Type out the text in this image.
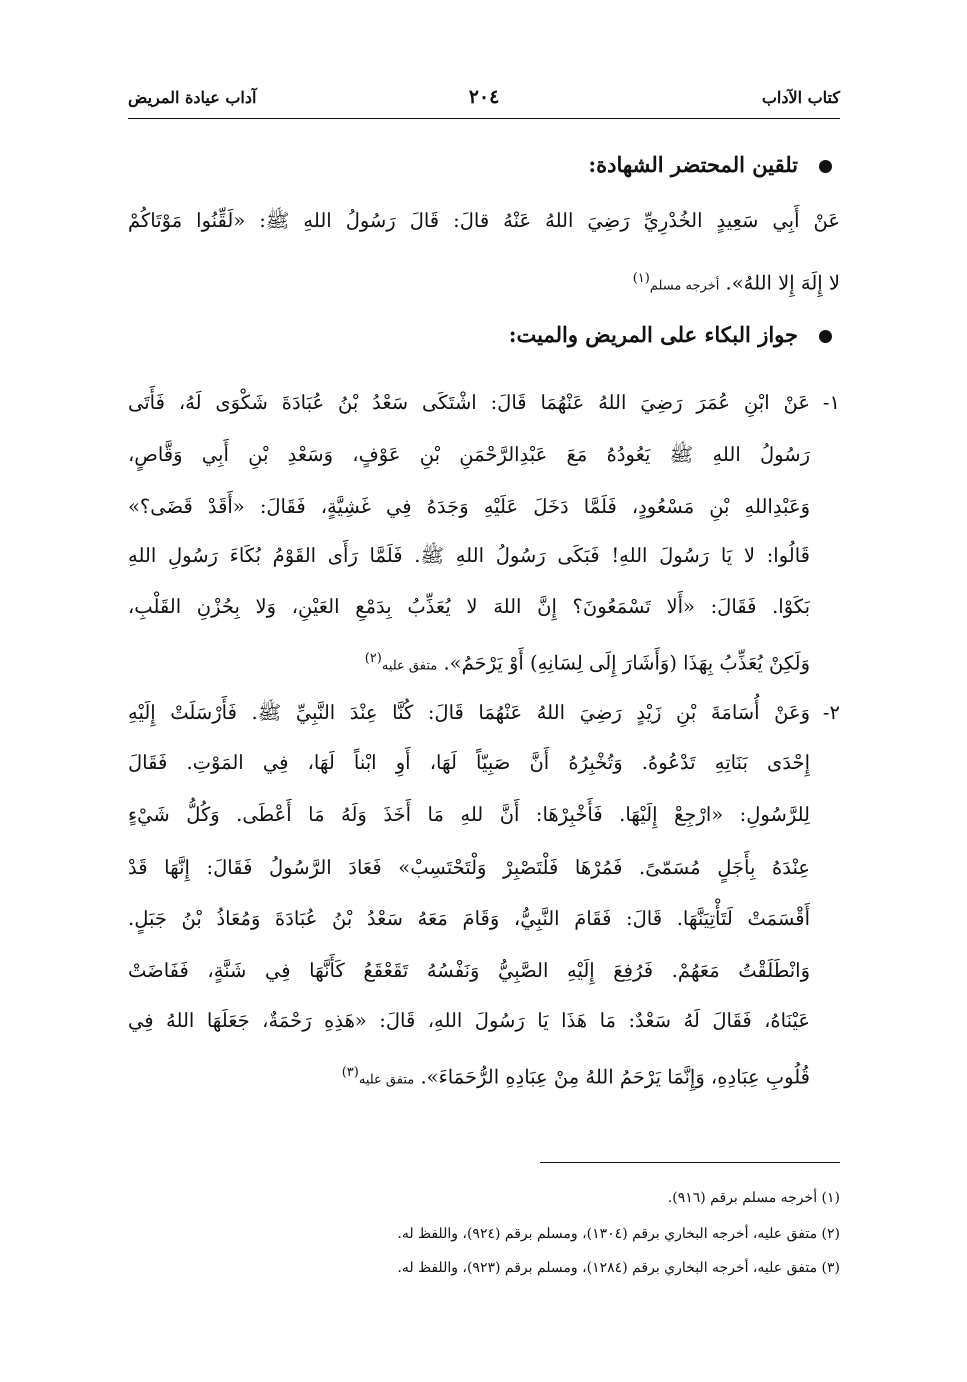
كتاب الآداب
٢٠٤
آداب عيادة المريض
تلقين المحتضر الشهادة:
عَنْ أَبِي سَعِيدٍ الخُدْرِيِّ رَضِيَ اللهُ عَنْهُ قالَ: قَالَ رَسُولُ اللهِ ﷺ: «لَقِّنُوا مَوْتَاكُمْ
لا إِلَهَ إِلا اللهُ». أخرجه مسلم$^{(١)}$
جواز البكاء على المريض والميت:
١-
عَنْ ابْنِ عُمَرَ رَضِيَ اللهُ عَنْهُمَا قَالَ: اشْتَكَى سَعْدُ بْنُ عُبَادَةَ شَكْوَى لَهُ، فَأَتَى
رَسُولُ اللهِ ﷺ يَعُودُهُ مَعَ عَبْدِالرَّحْمَنِ بْنِ عَوْفٍ، وَسَعْدِ بْنِ أَبِي وَقَّاصٍ،
وَعَبْدِاللهِ بْنِ مَسْعُودٍ، فَلَمَّا دَخَلَ عَلَيْهِ وَجَدَهُ فِي غَشِيَّةٍ، فَقَالَ: «أَقَدْ قَضَى؟»
قَالُوا: لا يَا رَسُولَ اللهِ! فَبَكَى رَسُولُ اللهِ ﷺ. فَلَمَّا رَأَى القَوْمُ بُكَاءَ رَسُولِ اللهِ
بَكَوْا. فَقَالَ: «أَلا تَسْمَعُونَ؟ إِنَّ اللهَ لا يُعَذِّبُ بِدَمْعِ العَيْنِ، وَلا بِحُزْنِ القَلْبِ،
وَلَكِنْ يُعَذِّبُ بِهَذَا (وَأَشَارَ إِلَى لِسَانِهِ) أَوْ يَرْحَمُ». متفق عليه$^{(٢)}$
٢-
وَعَنْ أُسَامَةَ بْنِ زَيْدٍ رَضِيَ اللهُ عَنْهُمَا قَالَ: كُنَّا عِنْدَ النَّبِيِّ ﷺ. فَأَرْسَلَتْ إِلَيْهِ
إِحْدَى بَنَاتِهِ تَدْعُوهُ. وَتُخْبِرُهُ أَنَّ صَبِيّاً لَهَا، أَوِ ابْناً لَهَا، فِي المَوْتِ. فَقَالَ
لِلرَّسُولِ: «ارْجِعْ إِلَيْهَا. فَأَخْبِرْهَا: أَنَّ للهِ مَا أَخَذَ وَلَهُ مَا أَعْطَى. وَكُلُّ شَيْءٍ
عِنْدَهُ بِأَجَلٍ مُسَمّىً. فَمُرْهَا فَلْتَصْبِرْ وَلْتَحْتَسِبْ» فَعَادَ الرَّسُولُ فَقَالَ: إِنَّهَا قَدْ
أَقْسَمَتْ لَتَأْتِيَنَّهَا. قَالَ: فَقَامَ النَّبِيُّ، وَقَامَ مَعَهُ سَعْدُ بْنُ عُبَادَةَ وَمُعَاذُ بْنُ جَبَلٍ.
وَانْطَلَقْتُ مَعَهُمْ. فَرُفِعَ إِلَيْهِ الصَّبِيُّ وَنَفْسُهُ تَقَعْقَعُ كَأَنَّهَا فِي شَنَّةٍ، فَفَاضَتْ
عَيْنَاهُ، فَقَالَ لَهُ سَعْدٌ: مَا هَذَا يَا رَسُولَ اللهِ، قَالَ: «هَذِهِ رَحْمَةٌ، جَعَلَهَا اللهُ فِي
قُلُوبِ عِبَادِهِ، وَإِنَّمَا يَرْحَمُ اللهُ مِنْ عِبَادِهِ الرُّحَمَاءَ». متفق عليه$^{(٣)}$
(١) أخرجه مسلم برقم (٩١٦).
(٢) متفق عليه، أخرجه البخاري برقم (١٣٠٤)، ومسلم برقم (٩٢٤)، واللفظ له.
(٣) متفق عليه، أخرجه البخاري برقم (١٢٨٤)، ومسلم برقم (٩٢٣)، واللفظ له.
